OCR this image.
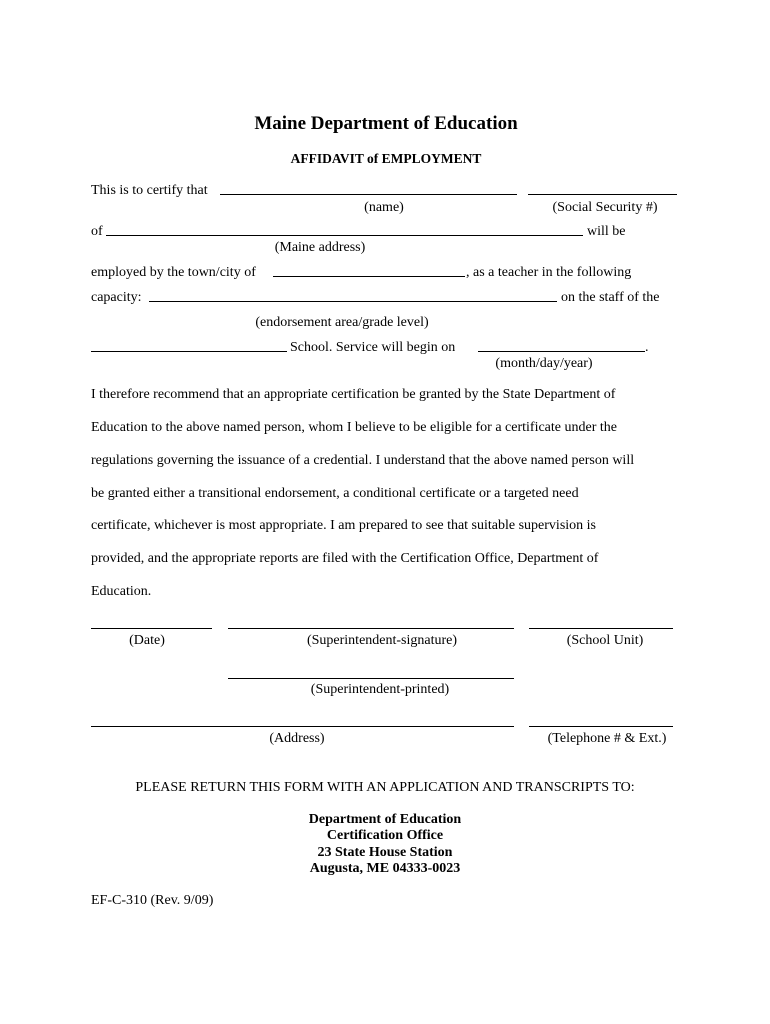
Maine Department of Education
AFFIDAVIT of EMPLOYMENT
This is to certify that
(name)	(Social Security #)
of	will be
(Maine address)
employed by the town/city of	, as a teacher in the following
capacity:	on the staff of the
(endorsement area/grade level)
School. Service will begin on	.
(month/day/year)
I therefore recommend that an appropriate certification be granted by the State Department of
Education to the above named person, whom I believe to be eligible for a certificate under the
regulations governing the issuance of a credential. I understand that the above named person will
be granted either a transitional endorsement, a conditional certificate or a targeted need
certificate, whichever is most appropriate. I am prepared to see that suitable supervision is
provided, and the appropriate reports are filed with the Certification Office, Department of
Education.
(Date)	(Superintendent-signature)	(School Unit)
(Superintendent-printed)
(Address)	(Telephone # & Ext.)
PLEASE RETURN THIS FORM WITH AN APPLICATION AND TRANSCRIPTS TO:
Department of Education
Certification Office
23 State House Station
Augusta, ME 04333-0023
EF-C-310 (Rev. 9/09)
